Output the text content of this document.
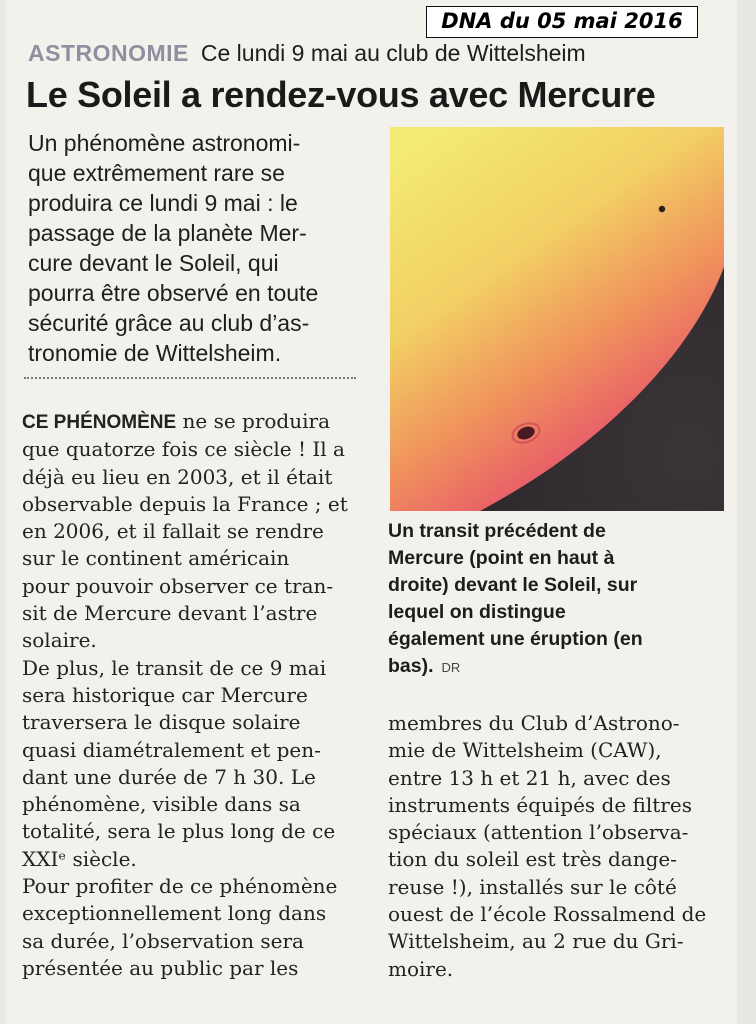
DNA du 05 mai 2016
ASTRONOMIE Ce lundi 9 mai au club de Wittelsheim
Le Soleil a rendez-vous avec Mercure

Un phénomène astronomi-
que extrêmement rare se
produira ce lundi 9 mai : le
passage de la planète Mer-
cure devant le Soleil, qui
pourra être observé en toute
sécurité grâce au club d’as-
tronomie de Wittelsheim.

CE PHÉNOMÈNE ne se produira
que quatorze fois ce siècle ! Il a
déjà eu lieu en 2003, et il était
observable depuis la France ; et
en 2006, et il fallait se rendre
sur le continent américain
pour pouvoir observer ce tran-
sit de Mercure devant l’astre
solaire.
De plus, le transit de ce 9 mai
sera historique car Mercure
traversera le disque solaire
quasi diamétralement et pen-
dant une durée de 7 h 30. Le
phénomène, visible dans sa
totalité, sera le plus long de ce
XXIᵉ siècle.
Pour profiter de ce phénomène
exceptionnellement long dans
sa durée, l’observation sera
présentée au public par les

Un transit précédent de
Mercure (point en haut à
droite) devant le Soleil, sur
lequel on distingue
également une éruption (en
bas). DR

membres du Club d’Astrono-
mie de Wittelsheim (CAW),
entre 13 h et 21 h, avec des
instruments équipés de filtres
spéciaux (attention l’observa-
tion du soleil est très dange-
reuse !), installés sur le côté
ouest de l’école Rossalmend de
Wittelsheim, au 2 rue du Gri-
moire.
